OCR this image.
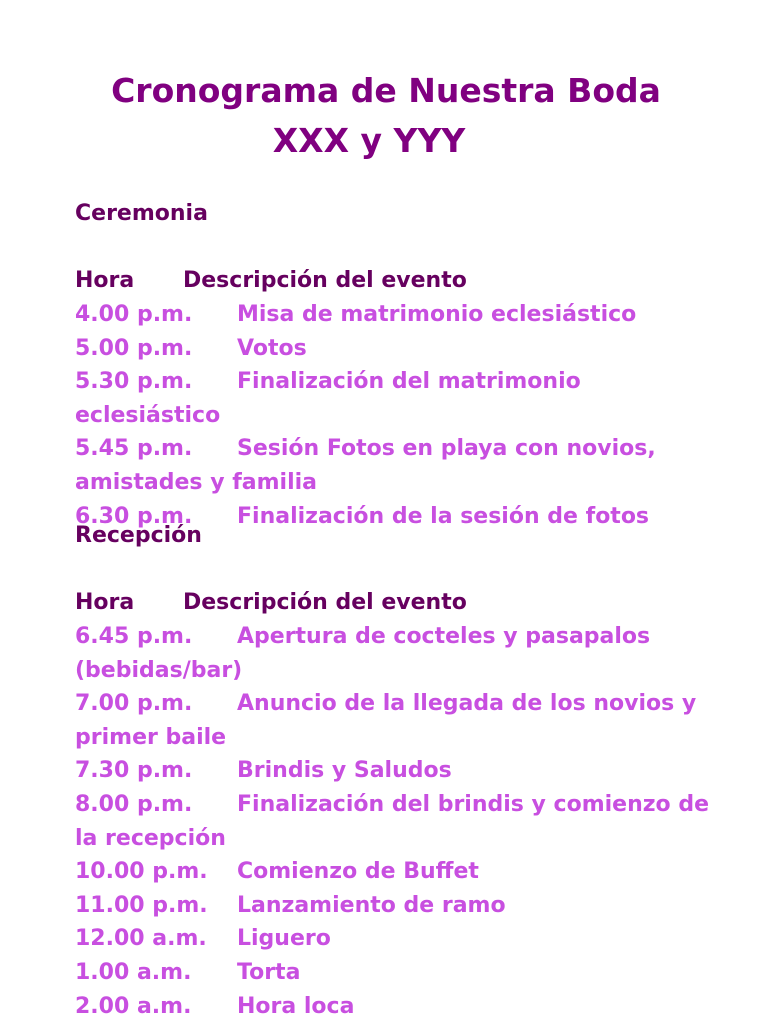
Cronograma de Nuestra Boda
XXX y YYY
Ceremonia
Hora Descripción del evento
4.00 p.m. Misa de matrimonio eclesiástico
5.00 p.m. Votos
5.30 p.m. Finalización del matrimonio eclesiástico
5.45 p.m. Sesión Fotos en playa con novios, amistades y familia
6.30 p.m. Finalización de la sesión de fotos
Recepción
Hora Descripción del evento
6.45 p.m. Apertura de cocteles y pasapalos (bebidas/bar)
7.00 p.m. Anuncio de la llegada de los novios y primer baile
7.30 p.m. Brindis y Saludos
8.00 p.m. Finalización del brindis y comienzo de la recepción
10.00 p.m. Comienzo de Buffet
11.00 p.m. Lanzamiento de ramo
12.00 a.m. Liguero
1.00 a.m. Torta
2.00 a.m. Hora loca
